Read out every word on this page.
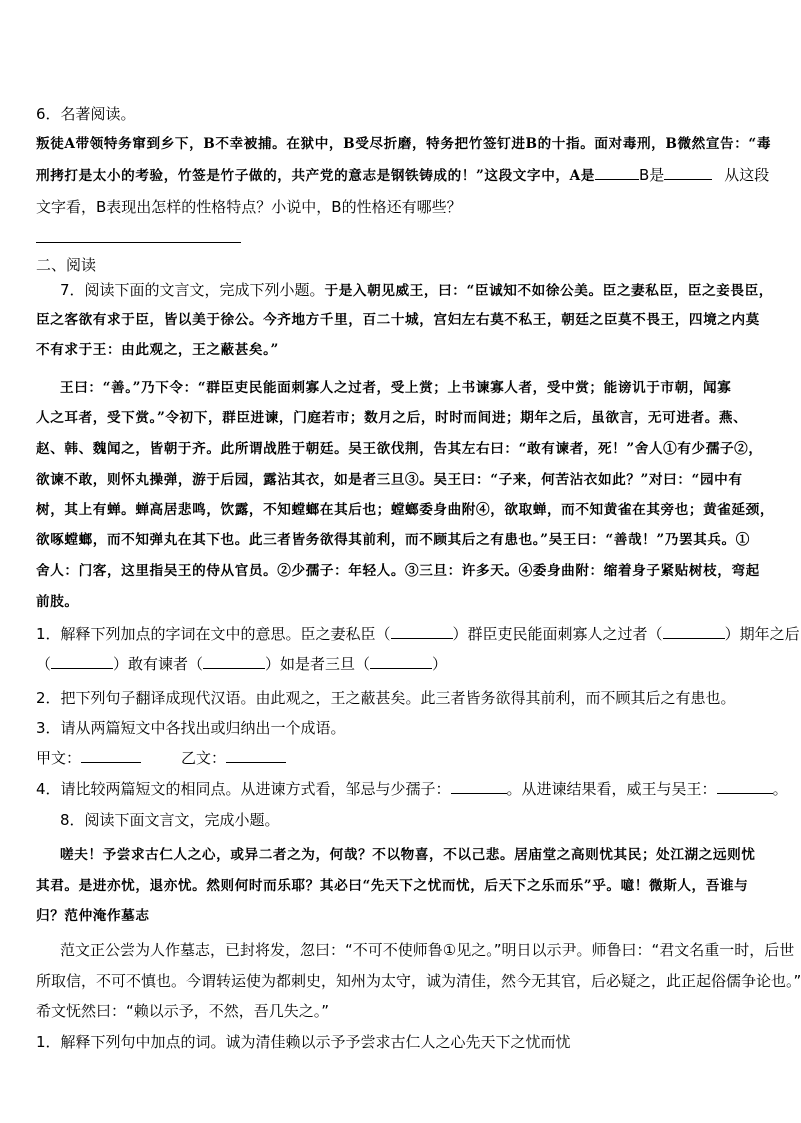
6．名著阅读。
叛徒A带领特务窜到乡下，B不幸被捕。在狱中，B受尽折磨，特务把竹签钉进B的十指。面对毒刑，B微然宣告：“毒
刑拷打是太小的考验，竹签是竹子做的，共产党的意志是钢铁铸成的！”这段文字中，A是	B是	从这段
文字看，B表现出怎样的性格特点？小说中，B的性格还有哪些？
二、阅读
7．阅读下面的文言文，完成下列小题。于是入朝见威王，曰：“臣诚知不如徐公美。臣之妻私臣，臣之妾畏臣，
臣之客欲有求于臣，皆以美于徐公。今齐地方千里，百二十城，宫妇左右莫不私王，朝廷之臣莫不畏王，四境之内莫
不有求于王：由此观之，王之蔽甚矣。”
王曰：“善。”乃下令：“群臣吏民能面刺寡人之过者，受上赏；上书谏寡人者，受中赏；能谤讥于市朝，闻寡
人之耳者，受下赏。”令初下，群臣进谏，门庭若市；数月之后，时时而间进；期年之后，虽欲言，无可进者。燕、
赵、韩、魏闻之，皆朝于齐。此所谓战胜于朝廷。吴王欲伐荆，告其左右曰：“敢有谏者，死！”舍人①有少孺子②，
欲谏不敢，则怀丸操弹，游于后园，露沾其衣，如是者三旦③。吴王曰：“子来，何苦沾衣如此？”对曰：“园中有
树，其上有蝉。蝉高居悲鸣，饮露，不知螳螂在其后也；螳螂委身曲附④，欲取蝉，而不知黄雀在其旁也；黄雀延颈，
欲啄螳螂，而不知弹丸在其下也。此三者皆务欲得其前利，而不顾其后之有患也。”吴王曰：“善哉！”乃罢其兵。①
舍人：门客，这里指吴王的侍从官员。②少孺子：年轻人。③三旦：许多天。④委身曲附：缩着身子紧贴树枝，弯起
前肢。
1．解释下列加点的字词在文中的意思。臣之妻私臣（	）群臣吏民能面刺寡人之过者（	）期年之后
（	）敢有谏者（	）如是者三旦（	）
2．把下列句子翻译成现代汉语。由此观之，王之蔽甚矣。此三者皆务欲得其前利，而不顾其后之有患也。
3．请从两篇短文中各找出或归纳出一个成语。
甲文：	乙文：
4．请比较两篇短文的相同点。从进谏方式看，邹忌与少孺子：	。从进谏结果看，威王与吴王：	。
8．阅读下面文言文，完成小题。
嗟夫！予尝求古仁人之心，或异二者之为，何哉？不以物喜，不以己悲。居庙堂之高则忧其民；处江湖之远则忧
其君。是进亦忧，退亦忧。然则何时而乐耶？其必曰“先天下之忧而忧，后天下之乐而乐”乎。噫！微斯人，吾谁与
归？范仲淹作墓志
范文正公尝为人作墓志，已封将发，忽曰：“不可不使师鲁①见之。”明日以示尹。师鲁曰：“君文名重一时，后世
所取信，不可不慎也。今谓转运使为都刺史，知州为太守，诚为清佳，然今无其官，后必疑之，此正起俗儒争论也。”
希文怃然曰：“赖以示予，不然，吾几失之。”
1．解释下列句中加点的词。诚为清佳赖以示予予尝求古仁人之心先天下之忧而忧
